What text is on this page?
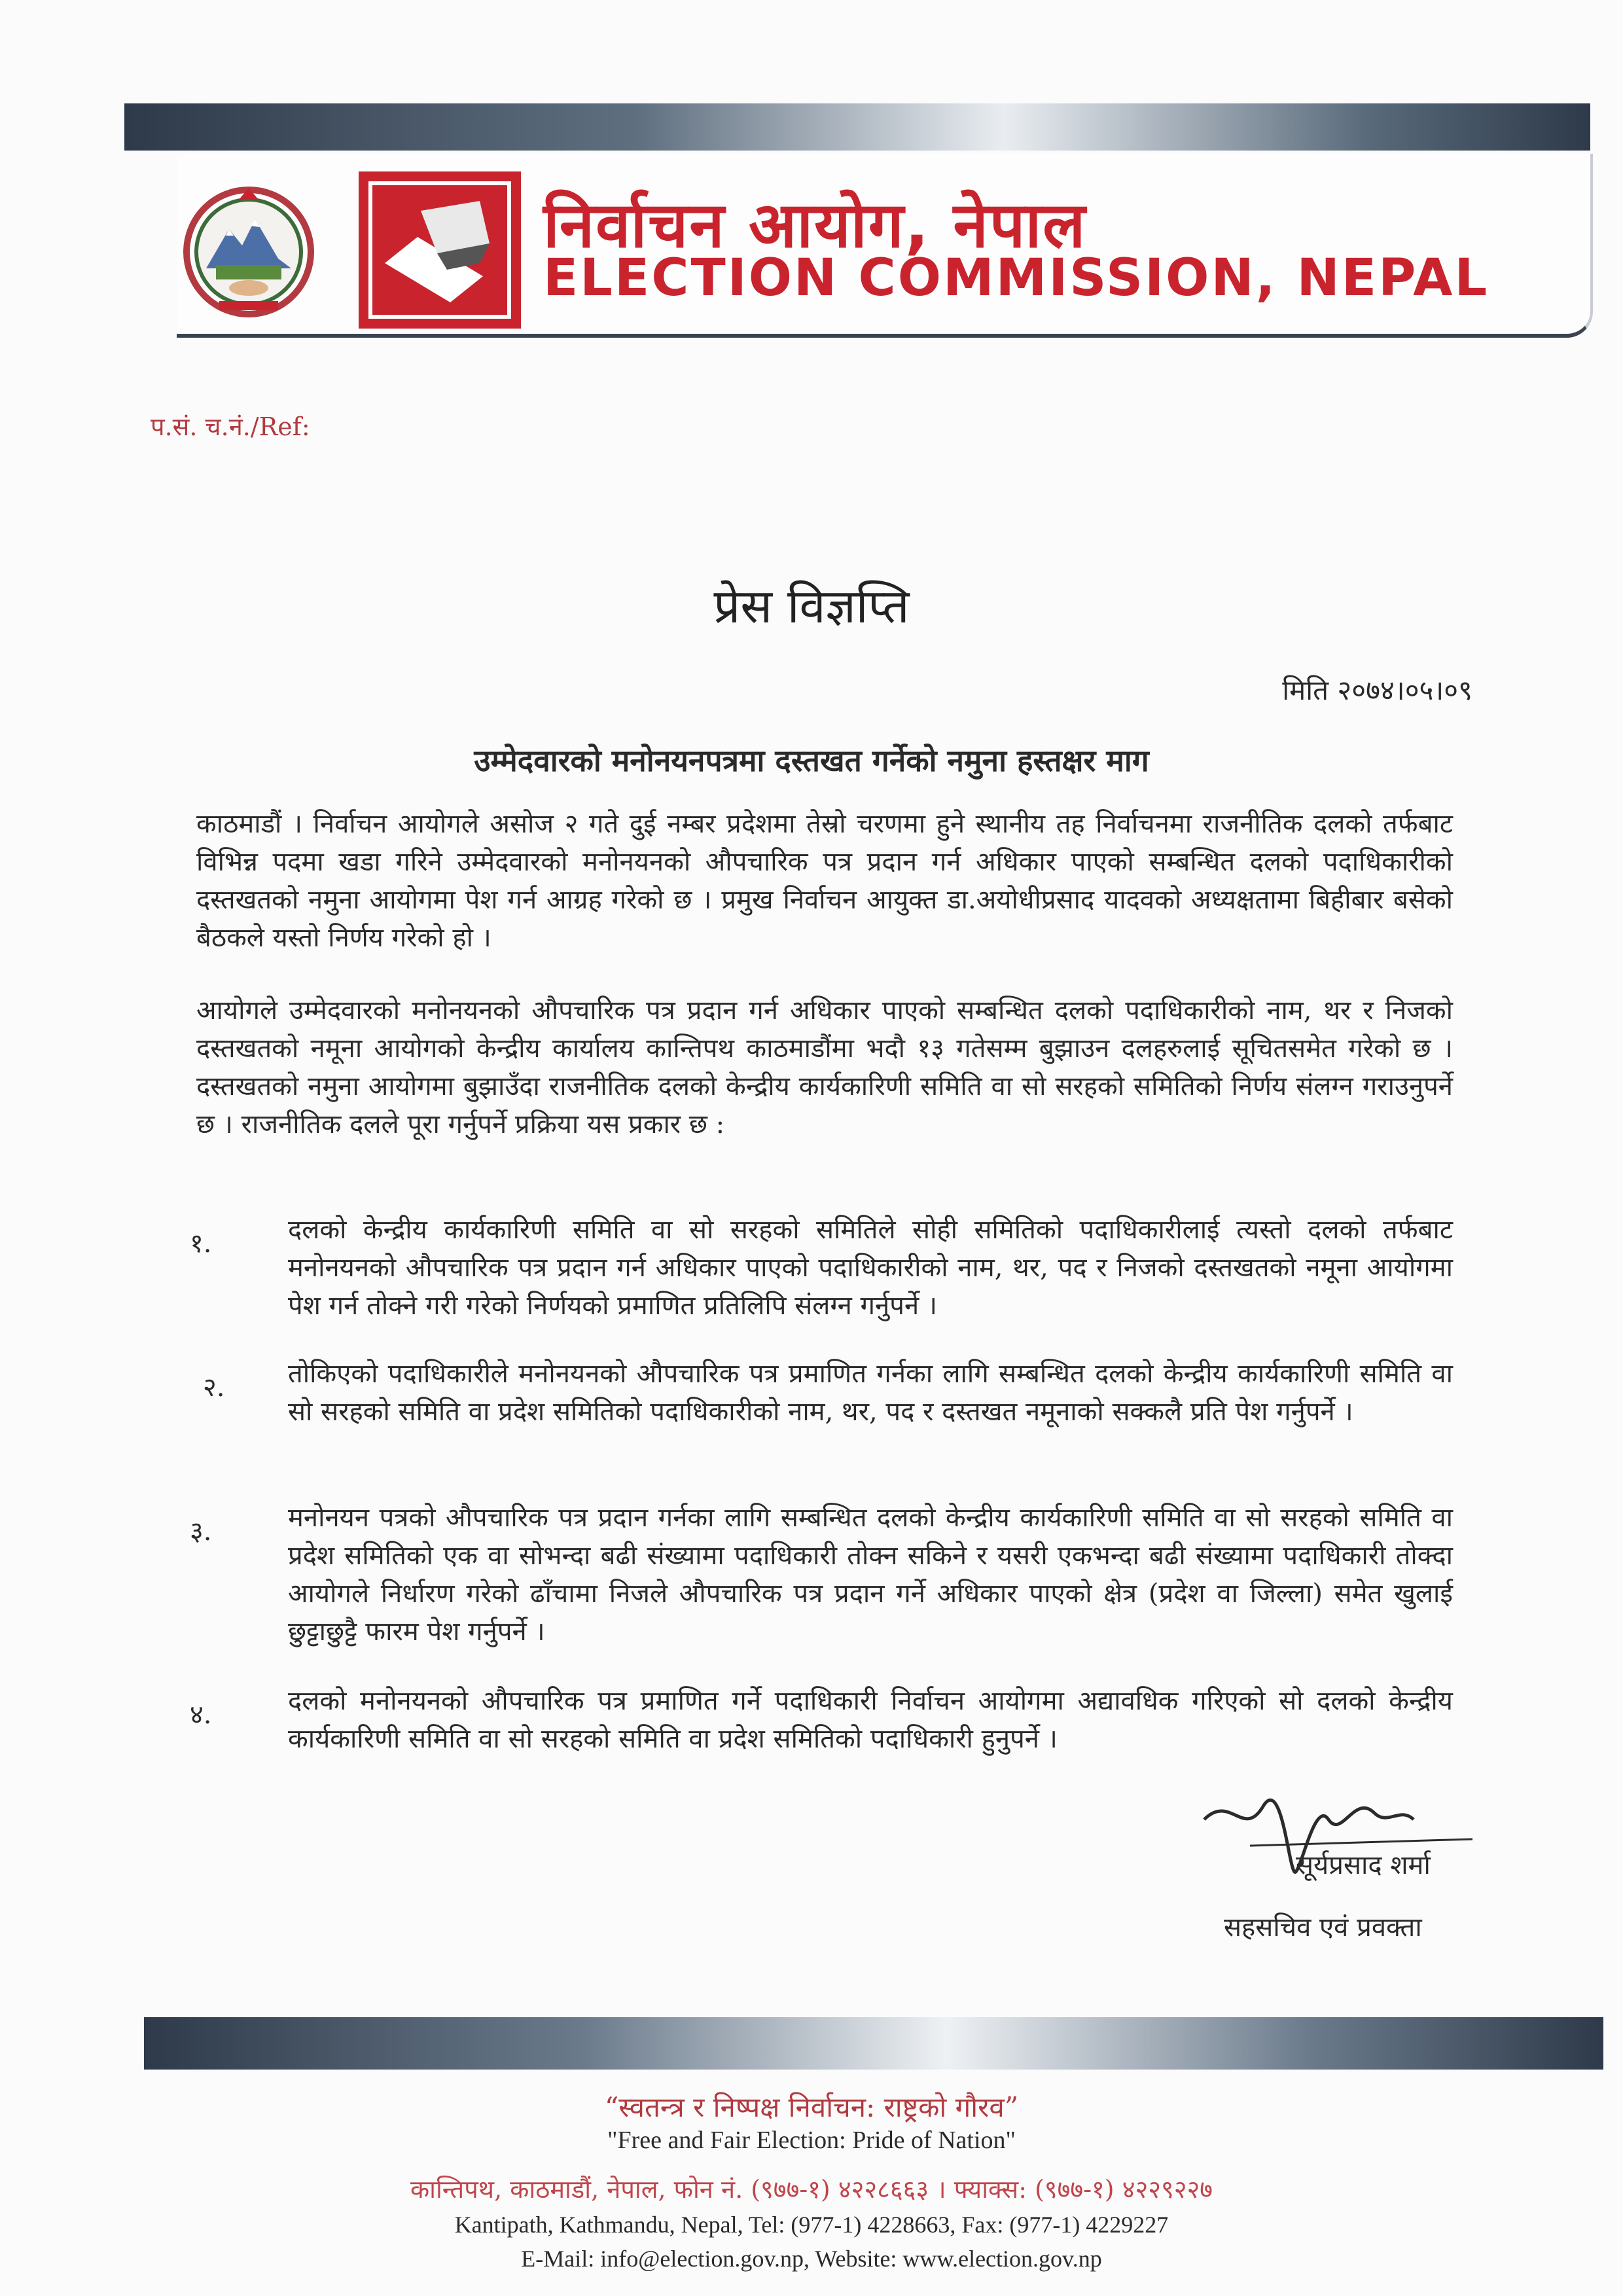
निर्वाचन आयोग, नेपाल
ELECTION COMMISSION, NEPAL
प.सं. च.नं./Ref:
प्रेस विज्ञप्ति
मिति २०७४।०५।०९
उम्मेदवारको मनोनयनपत्रमा दस्तखत गर्नेको नमुना हस्तक्षर माग
काठमाडौं । निर्वाचन आयोगले असोज २ गते दुई नम्बर प्रदेशमा तेस्रो चरणमा हुने स्थानीय तह निर्वाचनमा राजनीतिक दलको तर्फबाट विभिन्न पदमा खडा गरिने उम्मेदवारको मनोनयनको औपचारिक पत्र प्रदान गर्न अधिकार पाएको सम्बन्धित दलको पदाधिकारीको दस्तखतको नमुना आयोगमा पेश गर्न आग्रह गरेको छ । प्रमुख निर्वाचन आयुक्त डा.अयोधीप्रसाद यादवको अध्यक्षतामा बिहीबार बसेको बैठकले यस्तो निर्णय गरेको हो ।
आयोगले उम्मेदवारको मनोनयनको औपचारिक पत्र प्रदान गर्न अधिकार पाएको सम्बन्धित दलको पदाधिकारीको नाम, थर र निजको दस्तखतको नमूना आयोगको केन्द्रीय कार्यालय कान्तिपथ काठमाडौंमा भदौ १३ गतेसम्म बुझाउन दलहरुलाई सूचितसमेत गरेको छ । दस्तखतको नमुना आयोगमा बुझाउँदा राजनीतिक दलको केन्द्रीय कार्यकारिणी समिति वा सो सरहको समितिको निर्णय संलग्न गराउनुपर्ने छ । राजनीतिक दलले पूरा गर्नुपर्ने प्रक्रिया यस प्रकार छ :
१.	दलको केन्द्रीय कार्यकारिणी समिति वा सो सरहको समितिले सोही समितिको पदाधिकारीलाई त्यस्तो दलको तर्फबाट मनोनयनको औपचारिक पत्र प्रदान गर्न अधिकार पाएको पदाधिकारीको नाम, थर, पद र निजको दस्तखतको नमूना आयोगमा पेश गर्न तोक्ने गरी गरेको निर्णयको प्रमाणित प्रतिलिपि संलग्न गर्नुपर्ने ।
२. तोकिएको पदाधिकारीले मनोनयनको औपचारिक पत्र प्रमाणित गर्नका लागि सम्बन्धित दलको केन्द्रीय कार्यकारिणी समिति वा सो सरहको समिति वा प्रदेश समितिको पदाधिकारीको नाम, थर, पद र दस्तखत नमूनाको सक्कलै प्रति पेश गर्नुपर्ने ।
३.	मनोनयन पत्रको औपचारिक पत्र प्रदान गर्नका लागि सम्बन्धित दलको केन्द्रीय कार्यकारिणी समिति वा सो सरहको समिति वा प्रदेश समितिको एक वा सोभन्दा बढी संख्यामा पदाधिकारी तोक्न सकिने र यसरी एकभन्दा बढी संख्यामा पदाधिकारी तोक्दा आयोगले निर्धारण गरेको ढाँचामा निजले औपचारिक पत्र प्रदान गर्ने अधिकार पाएको क्षेत्र (प्रदेश वा जिल्ला) समेत खुलाई छुट्टाछुट्टै फारम पेश गर्नुपर्ने ।
४.	दलको मनोनयनको औपचारिक पत्र प्रमाणित गर्ने पदाधिकारी निर्वाचन आयोगमा अद्यावधिक गरिएको सो दलको केन्द्रीय कार्यकारिणी समिति वा सो सरहको समिति वा प्रदेश समितिको पदाधिकारी हुनुपर्ने ।
सूर्यप्रसाद शर्मा
सहसचिव एवं प्रवक्ता
“स्वतन्त्र र निष्पक्ष निर्वाचन: राष्ट्रको गौरव”
"Free and Fair Election: Pride of Nation"
कान्तिपथ, काठमाडौं, नेपाल, फोन नं. (९७७-१) ४२२८६६३ । फ्याक्स: (९७७-१) ४२२९२२७
Kantipath, Kathmandu, Nepal, Tel: (977-1) 4228663, Fax: (977-1) 4229227
E-Mail: info@election.gov.np, Website: www.election.gov.np
